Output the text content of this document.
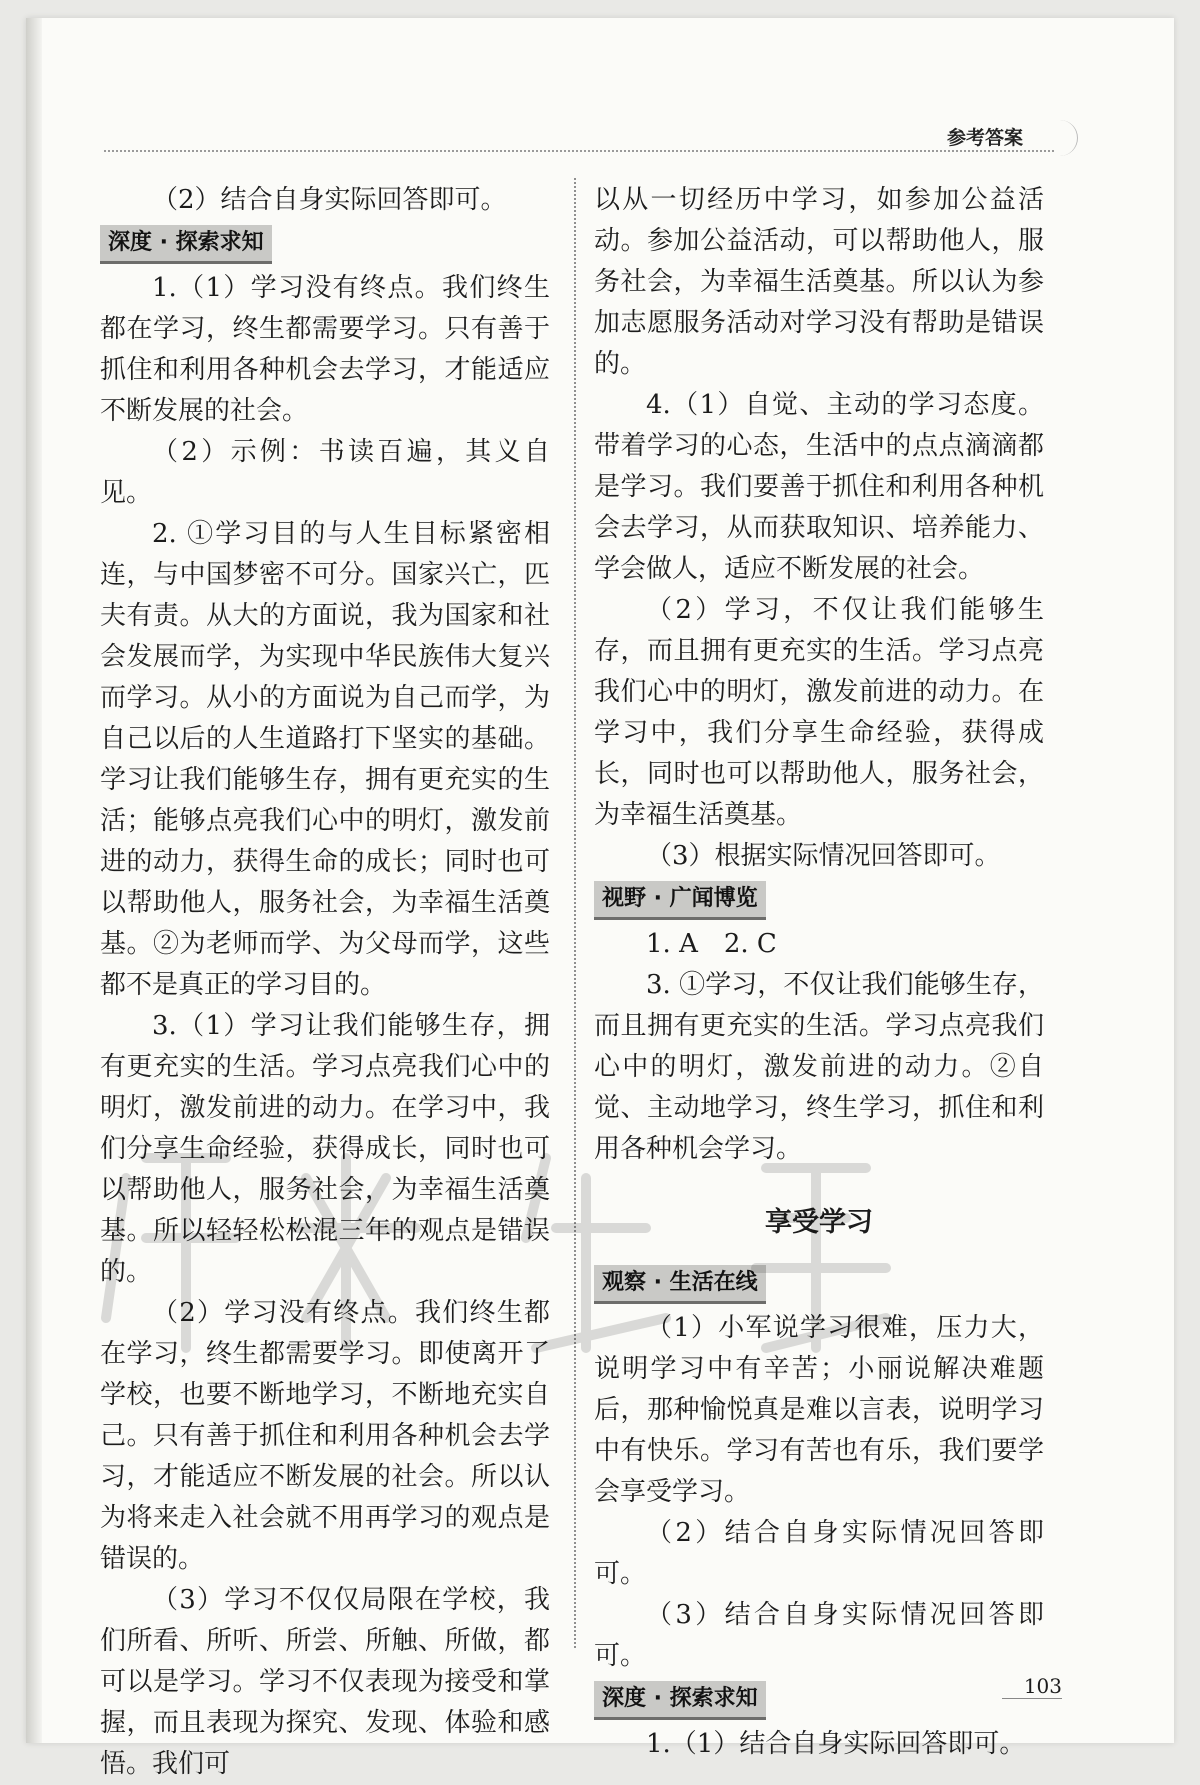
参考答案

（2）结合自身实际回答即可。

深度 · 探索求知

1.（1）学习没有终点。我们终生都在学习，终生都需要学习。只有善于抓住和利用各种机会去学习，才能适应不断发展的社会。

（2）示例：书读百遍，其义自见。

2. ①学习目的与人生目标紧密相连，与中国梦密不可分。国家兴亡，匹夫有责。从大的方面说，我为国家和社会发展而学，为实现中华民族伟大复兴而学习。从小的方面说为自己而学，为自己以后的人生道路打下坚实的基础。学习让我们能够生存，拥有更充实的生活；能够点亮我们心中的明灯，激发前进的动力，获得生命的成长；同时也可以帮助他人，服务社会，为幸福生活奠基。②为老师而学、为父母而学，这些都不是真正的学习目的。

3.（1）学习让我们能够生存，拥有更充实的生活。学习点亮我们心中的明灯，激发前进的动力。在学习中，我们分享生命经验，获得成长，同时也可以帮助他人，服务社会，为幸福生活奠基。所以轻轻松松混三年的观点是错误的。

（2）学习没有终点。我们终生都在学习，终生都需要学习。即使离开了学校，也要不断地学习，不断地充实自己。只有善于抓住和利用各种机会去学习，才能适应不断发展的社会。所以认为将来走入社会就不用再学习的观点是错误的。

（3）学习不仅仅局限在学校，我们所看、所听、所尝、所触、所做，都可以是学习。学习不仅表现为接受和掌握，而且表现为探究、发现、体验和感悟。我们可

以从一切经历中学习，如参加公益活动。参加公益活动，可以帮助他人，服务社会，为幸福生活奠基。所以认为参加志愿服务活动对学习没有帮助是错误的。

4.（1）自觉、主动的学习态度。带着学习的心态，生活中的点点滴滴都是学习。我们要善于抓住和利用各种机会去学习，从而获取知识、培养能力、学会做人，适应不断发展的社会。

（2）学习，不仅让我们能够生存，而且拥有更充实的生活。学习点亮我们心中的明灯，激发前进的动力。在学习中，我们分享生命经验，获得成长，同时也可以帮助他人，服务社会，为幸福生活奠基。

（3）根据实际情况回答即可。

视野 · 广闻博览

1. A　2. C

3. ①学习，不仅让我们能够生存，而且拥有更充实的生活。学习点亮我们心中的明灯，激发前进的动力。②自觉、主动地学习，终生学习，抓住和利用各种机会学习。

享受学习
观察 · 生活在线

（1）小军说学习很难，压力大，说明学习中有辛苦；小丽说解决难题后，那种愉悦真是难以言表，说明学习中有快乐。学习有苦也有乐，我们要学会享受学习。

（2）结合自身实际情况回答即可。

（3）结合自身实际情况回答即可。

深度 · 探索求知

1.（1）结合自身实际回答即可。

103
